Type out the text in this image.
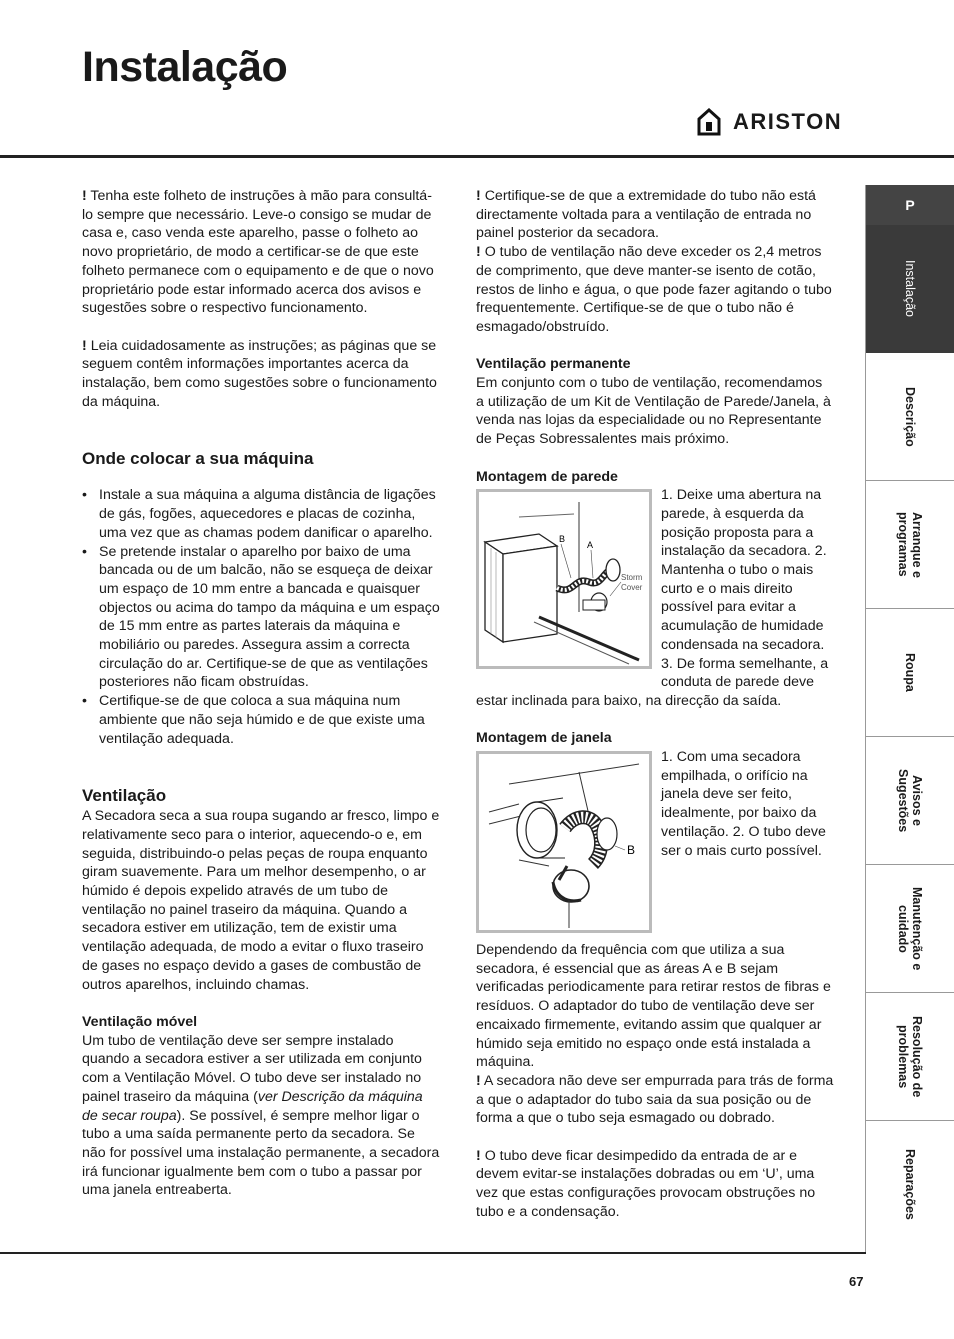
Instalação
ARISTON

! Tenha este folheto de instruções à mão para consultá-lo sempre que necessário. Leve-o consigo se mudar de casa e, caso venda este aparelho, passe o folheto ao novo proprietário, de modo a certificar-se de que este folheto permanece com o equipamento e de que o novo proprietário pode estar informado acerca dos avisos e sugestões sobre o respectivo funcionamento.

! Leia cuidadosamente as instruções; as páginas que se seguem contêm informações importantes acerca da instalação, bem como sugestões sobre o funcionamento da máquina.

Onde colocar a sua máquina
• Instale a sua máquina a alguma distância de ligações de gás, fogões, aquecedores e placas de cozinha, uma vez que as chamas podem danificar o aparelho.
• Se pretende instalar o aparelho por baixo de uma bancada ou de um balcão, não se esqueça de deixar um espaço de 10 mm entre a bancada e quaisquer objectos ou acima do tampo da máquina e um espaço de 15 mm entre as partes laterais da máquina e mobiliário ou paredes. Assegura assim a correcta circulação do ar. Certifique-se de que as ventilações posteriores não ficam obstruídas.
• Certifique-se de que coloca a sua máquina num ambiente que não seja húmido e de que existe uma ventilação adequada.
Ventilação

A Secadora seca a sua roupa sugando ar fresco, limpo e relativamente seco para o interior, aquecendo-o e, em seguida, distribuindo-o pelas peças de roupa enquanto giram suavemente. Para um melhor desempenho, o ar húmido é depois expelido através de um tubo de ventilação no painel traseiro da máquina. Quando a secadora estiver em utilização, tem de existir uma ventilação adequada, de modo a evitar o fluxo traseiro de gases no espaço devido a gases de combustão de outros aparelhos, incluindo chamas.

Ventilação móvel

Um tubo de ventilação deve ser sempre instalado quando a secadora estiver a ser utilizada em conjunto com a Ventilação Móvel. O tubo deve ser instalado no painel traseiro da máquina (ver Descrição da máquina de secar roupa). Se possível, é sempre melhor ligar o tubo a uma saída permanente perto da secadora. Se não for possível uma instalação permanente, a secadora irá funcionar igualmente bem com o tubo a passar por uma janela entreaberta.

! Certifique-se de que a extremidade do tubo não está directamente voltada para a ventilação de entrada no painel posterior da secadora.

! O tubo de ventilação não deve exceder os 2,4 metros de comprimento, que deve manter-se isento de cotão, restos de linho e água, o que pode fazer agitando o tubo frequentemente. Certifique-se de que o tubo não é esmagado/obstruído.

Ventilação permanente

Em conjunto com o tubo de ventilação, recomendamos a utilização de um Kit de Ventilação de Parede/Janela, à venda nas lojas da especialidade ou no Representante de Peças Sobressalentes mais próximo.

Montagem de parede

B
A
Storm
Cover

1. Deixe uma abertura na parede, à esquerda da posição proposta para a instalação da secadora. 2. Mantenha o tubo o mais curto e o mais direito possível para evitar a acumulação de humidade condensada na secadora. 3. De forma semelhante, a conduta de parede deve estar inclinada para baixo, na direcção da saída.

Montagem de janela

B

1. Com uma secadora empilhada, o orifício na janela deve ser feito, idealmente, por baixo da ventilação. 2. O tubo deve ser o mais curto possível.

Dependendo da frequência com que utiliza a sua secadora, é essencial que as áreas A e B sejam verificadas periodicamente para retirar restos de fibras e resíduos. O adaptador do tubo de ventilação deve ser encaixado firmemente, evitando assim que qualquer ar húmido seja emitido no espaço onde está instalada a máquina.

! A secadora não deve ser empurrada para trás de forma a que o adaptador do tubo saia da sua posição ou de forma a que o tubo seja esmagado ou dobrado.

! O tubo deve ficar desimpedido da entrada de ar e devem evitar-se instalações dobradas ou em ‘U’, uma vez que estas configurações provocam obstruções no tubo e a condensação.

P
Instalação
Descrição
Arranque e
programas
Roupa
Avisos e
Sugestões
Manutenção e
cuidado
Resolução de
problemas
Reparações
67
